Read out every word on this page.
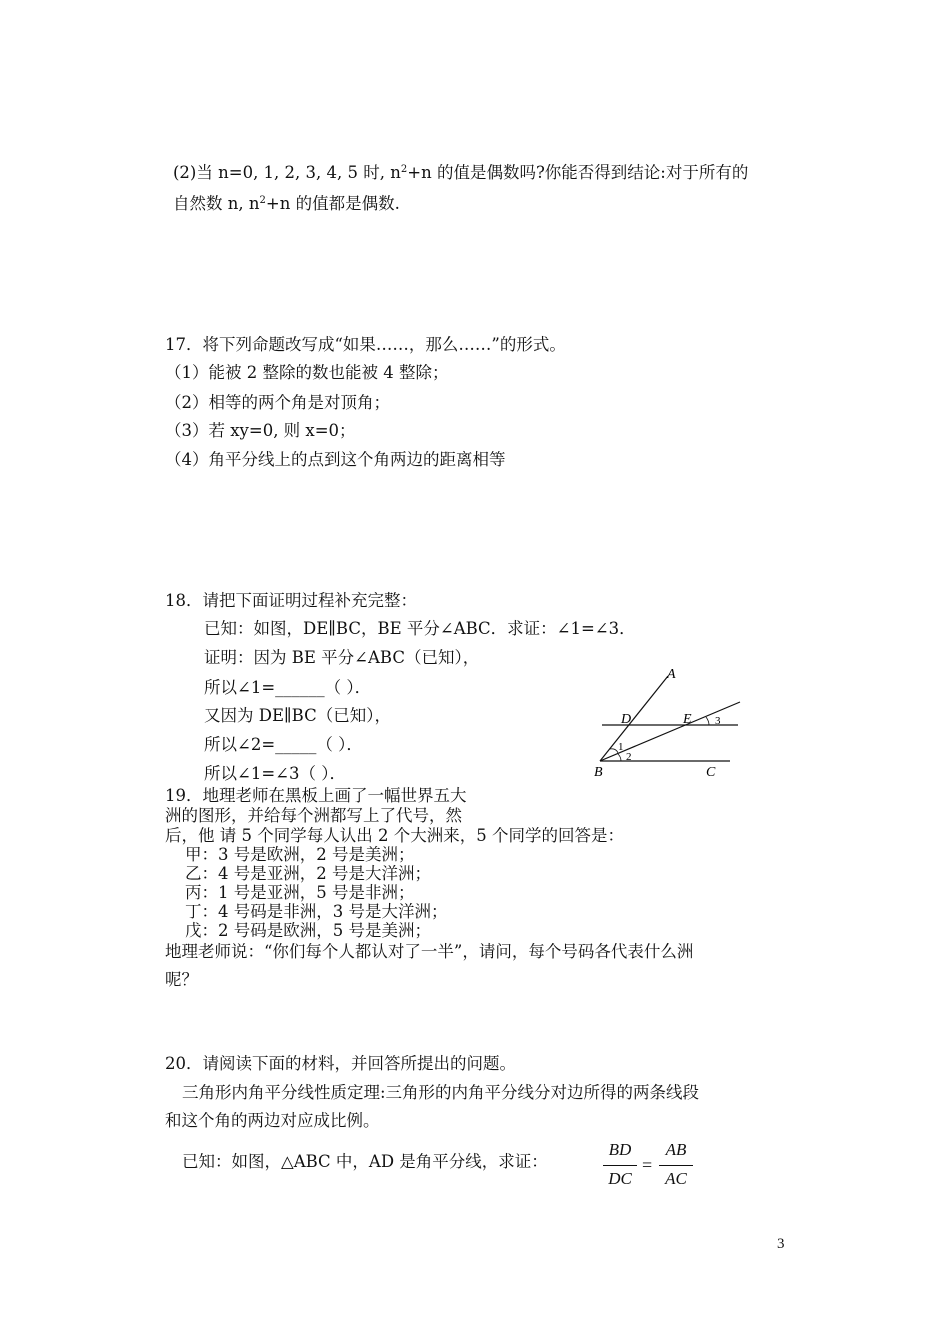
(2)当 n=0, 1, 2, 3, 4, 5 时, $n^2+n$ 的值是偶数吗?你能否得到结论:对于所有的
自然数 n, $n^2+n$ 的值都是偶数.
17．将下列命题改写成“如果……，那么……”的形式。
（1）能被 2 整除的数也能被 4 整除；
（2）相等的两个角是对顶角；
（3）若 xy=0, 则 x=0；
（4）角平分线上的点到这个角两边的距离相等
18．请把下面证明过程补充完整：
已知：如图，DE∥BC，BE 平分∠ABC．求证：∠1=∠3．
证明：因为 BE 平分∠ABC（已知），
所以∠1=______（ ）．
又因为 DE∥BC（已知），
所以∠2=_____（ ）．
所以∠1=∠3（ ）．
A
D	E
B	C
1
2
3
19．地理老师在黑板上画了一幅世界五大
洲的图形，并给每个洲都写上了代号，然
后，他 请 5 个同学每人认出 2 个大洲来，5 个同学的回答是：
甲：3 号是欧洲，2 号是美洲；
乙：4 号是亚洲，2 号是大洋洲；
丙：1 号是亚洲，5 号是非洲；
丁：4 号码是非洲，3 号是大洋洲；
戊：2 号码是欧洲，5 号是美洲；
地理老师说：“你们每个人都认对了一半”，请问，每个号码各代表什么洲
呢？
20．请阅读下面的材料，并回答所提出的问题。
三角形内角平分线性质定理:三角形的内角平分线分对边所得的两条线段
和这个角的两边对应成比例。
已知：如图，△ABC 中，AD 是角平分线，求证：
BD
DC
=
AB
AC
3
